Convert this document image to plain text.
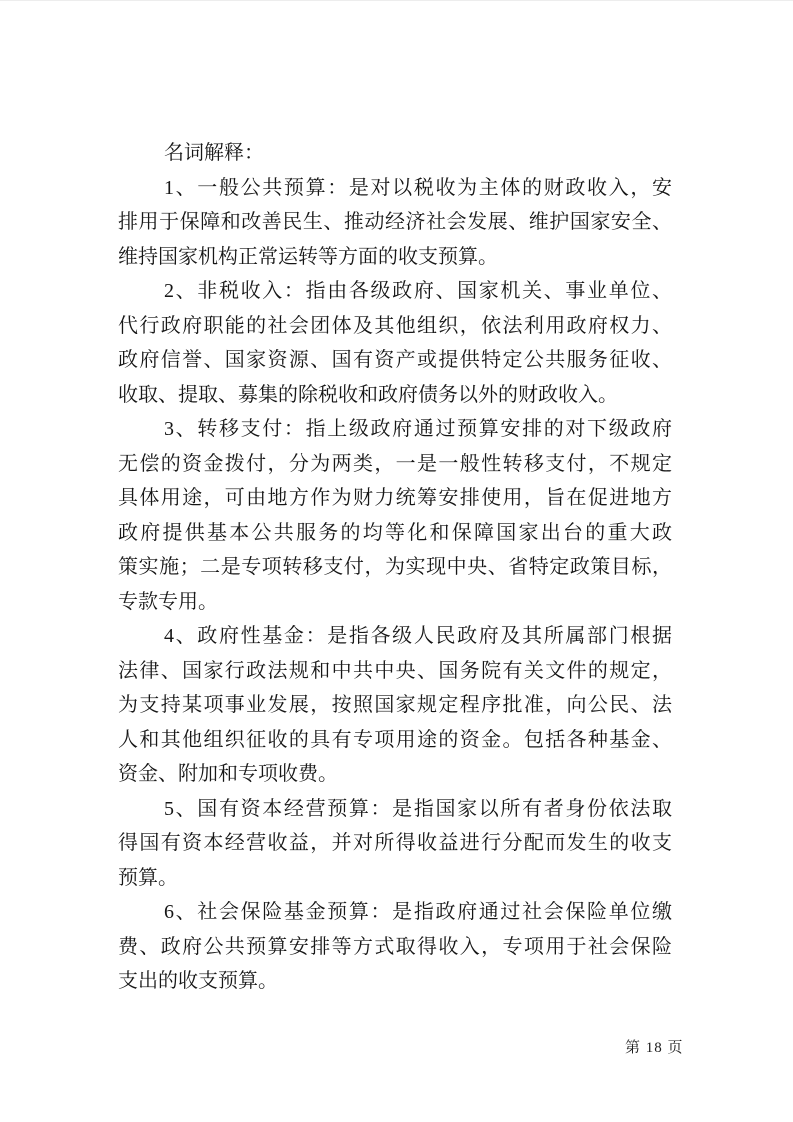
名词解释：
1、一般公共预算：是对以税收为主体的财政收入，安
排用于保障和改善民生、推动经济社会发展、维护国家安全、
维持国家机构正常运转等方面的收支预算。
2、非税收入：指由各级政府、国家机关、事业单位、
代行政府职能的社会团体及其他组织，依法利用政府权力、
政府信誉、国家资源、国有资产或提供特定公共服务征收、
收取、提取、募集的除税收和政府债务以外的财政收入。
3、转移支付：指上级政府通过预算安排的对下级政府
无偿的资金拨付，分为两类，一是一般性转移支付，不规定
具体用途，可由地方作为财力统筹安排使用，旨在促进地方
政府提供基本公共服务的均等化和保障国家出台的重大政
策实施；二是专项转移支付，为实现中央、省特定政策目标，
专款专用。
4、政府性基金：是指各级人民政府及其所属部门根据
法律、国家行政法规和中共中央、国务院有关文件的规定，
为支持某项事业发展，按照国家规定程序批准，向公民、法
人和其他组织征收的具有专项用途的资金。包括各种基金、
资金、附加和专项收费。
5、国有资本经营预算：是指国家以所有者身份依法取
得国有资本经营收益，并对所得收益进行分配而发生的收支
预算。
6、社会保险基金预算：是指政府通过社会保险单位缴
费、政府公共预算安排等方式取得收入，专项用于社会保险
支出的收支预算。
第 18 页
